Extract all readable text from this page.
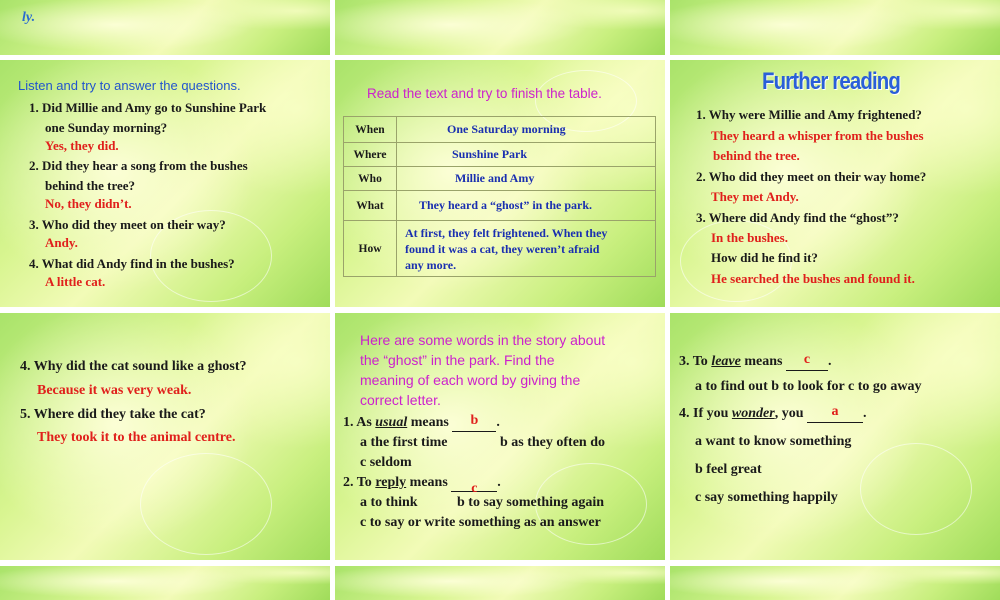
ly.
Listen and try to answer the questions.
1. Did Millie and Amy go to Sunshine Park
one Sunday morning?
Yes, they did.
2. Did they hear a song from the bushes
behind the tree?
No, they didn’t.
3. Who did they meet on their way?
Andy.
4. What did Andy find in the bushes?
A little cat.
Read the text and try to finish the table.
When	One Saturday morning
Where	Sunshine Park
Who	Millie and Amy
What	They heard a “ghost” in the park.
How	At first, they felt frightened. When they
found it was a cat, they weren’t afraid
any more.
Further reading
1. Why were Millie and Amy frightened?
They heard a whisper from the bushes
behind the tree.
2. Who did they meet on their way home?
They met Andy.
3. Where did Andy find the “ghost”?
In the bushes.
How did he find it?
He searched the bushes and found it.
4. Why did the cat sound like a ghost?
Because it was very weak.
5. Where did they take the cat?
They took it to the animal centre.
Here are some words in the story about
the “ghost” in the park. Find the
meaning of each word by giving the
correct letter.
1. As usual means b .
a the first time	b as they often do
c seldom
2. To reply means c .
a to think	b to say something again
c to say or write something as an answer
3. To leave means c .
a to find out b to look for c to go away
4. If you wonder, you a .
a want to know something
b feel great
c say something happily
